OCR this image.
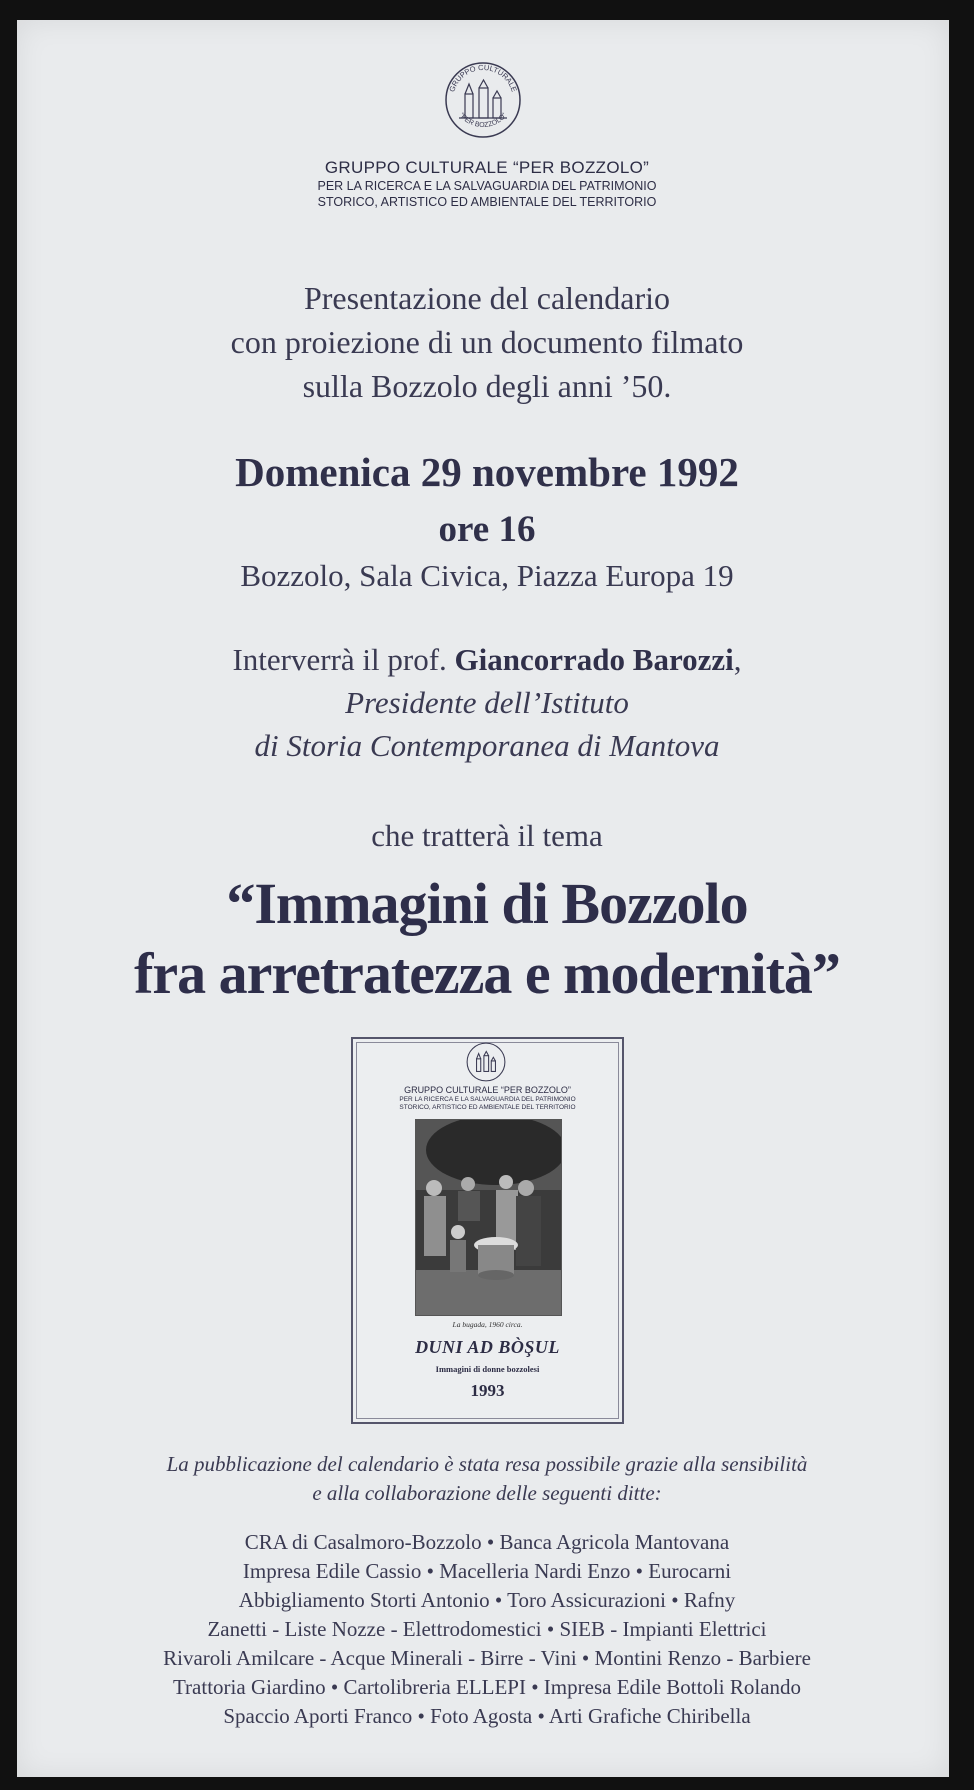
GRUPPO CULTURALE
"PER BOZZOLO"
GRUPPO CULTURALE “PER BOZZOLO”
PER LA RICERCA E LA SALVAGUARDIA DEL PATRIMONIO
STORICO, ARTISTICO ED AMBIENTALE DEL TERRITORIO
Presentazione del calendario
con proiezione di un documento filmato
sulla Bozzolo degli anni ’50.
Domenica 29 novembre 1992
ore 16
Bozzolo, Sala Civica, Piazza Europa 19
Interverrà il prof. Giancorrado Barozzi,
Presidente dell’Istituto
di Storia Contemporanea di Mantova
che tratterà il tema
“Immagini di Bozzolo
fra arretratezza e modernità”
GRUPPO CULTURALE “PER BOZZOLO”
PER LA RICERCA E LA SALVAGUARDIA DEL PATRIMONIO
STORICO, ARTISTICO ED AMBIENTALE DEL TERRITORIO
La bugada, 1960 circa.
DUNI AD BÒŞUL
Immagini di donne bozzolesi
1993
La pubblicazione del calendario è stata resa possibile grazie alla sensibilità
e alla collaborazione delle seguenti ditte:
CRA di Casalmoro-Bozzolo • Banca Agricola Mantovana
Impresa Edile Cassio • Macelleria Nardi Enzo • Eurocarni
Abbigliamento Storti Antonio • Toro Assicurazioni • Rafny
Zanetti - Liste Nozze - Elettrodomestici • SIEB - Impianti Elettrici
Rivaroli Amilcare - Acque Minerali - Birre - Vini • Montini Renzo - Barbiere
Trattoria Giardino • Cartolibreria ELLEPI • Impresa Edile Bottoli Rolando
Spaccio Aporti Franco • Foto Agosta • Arti Grafiche Chiribella
